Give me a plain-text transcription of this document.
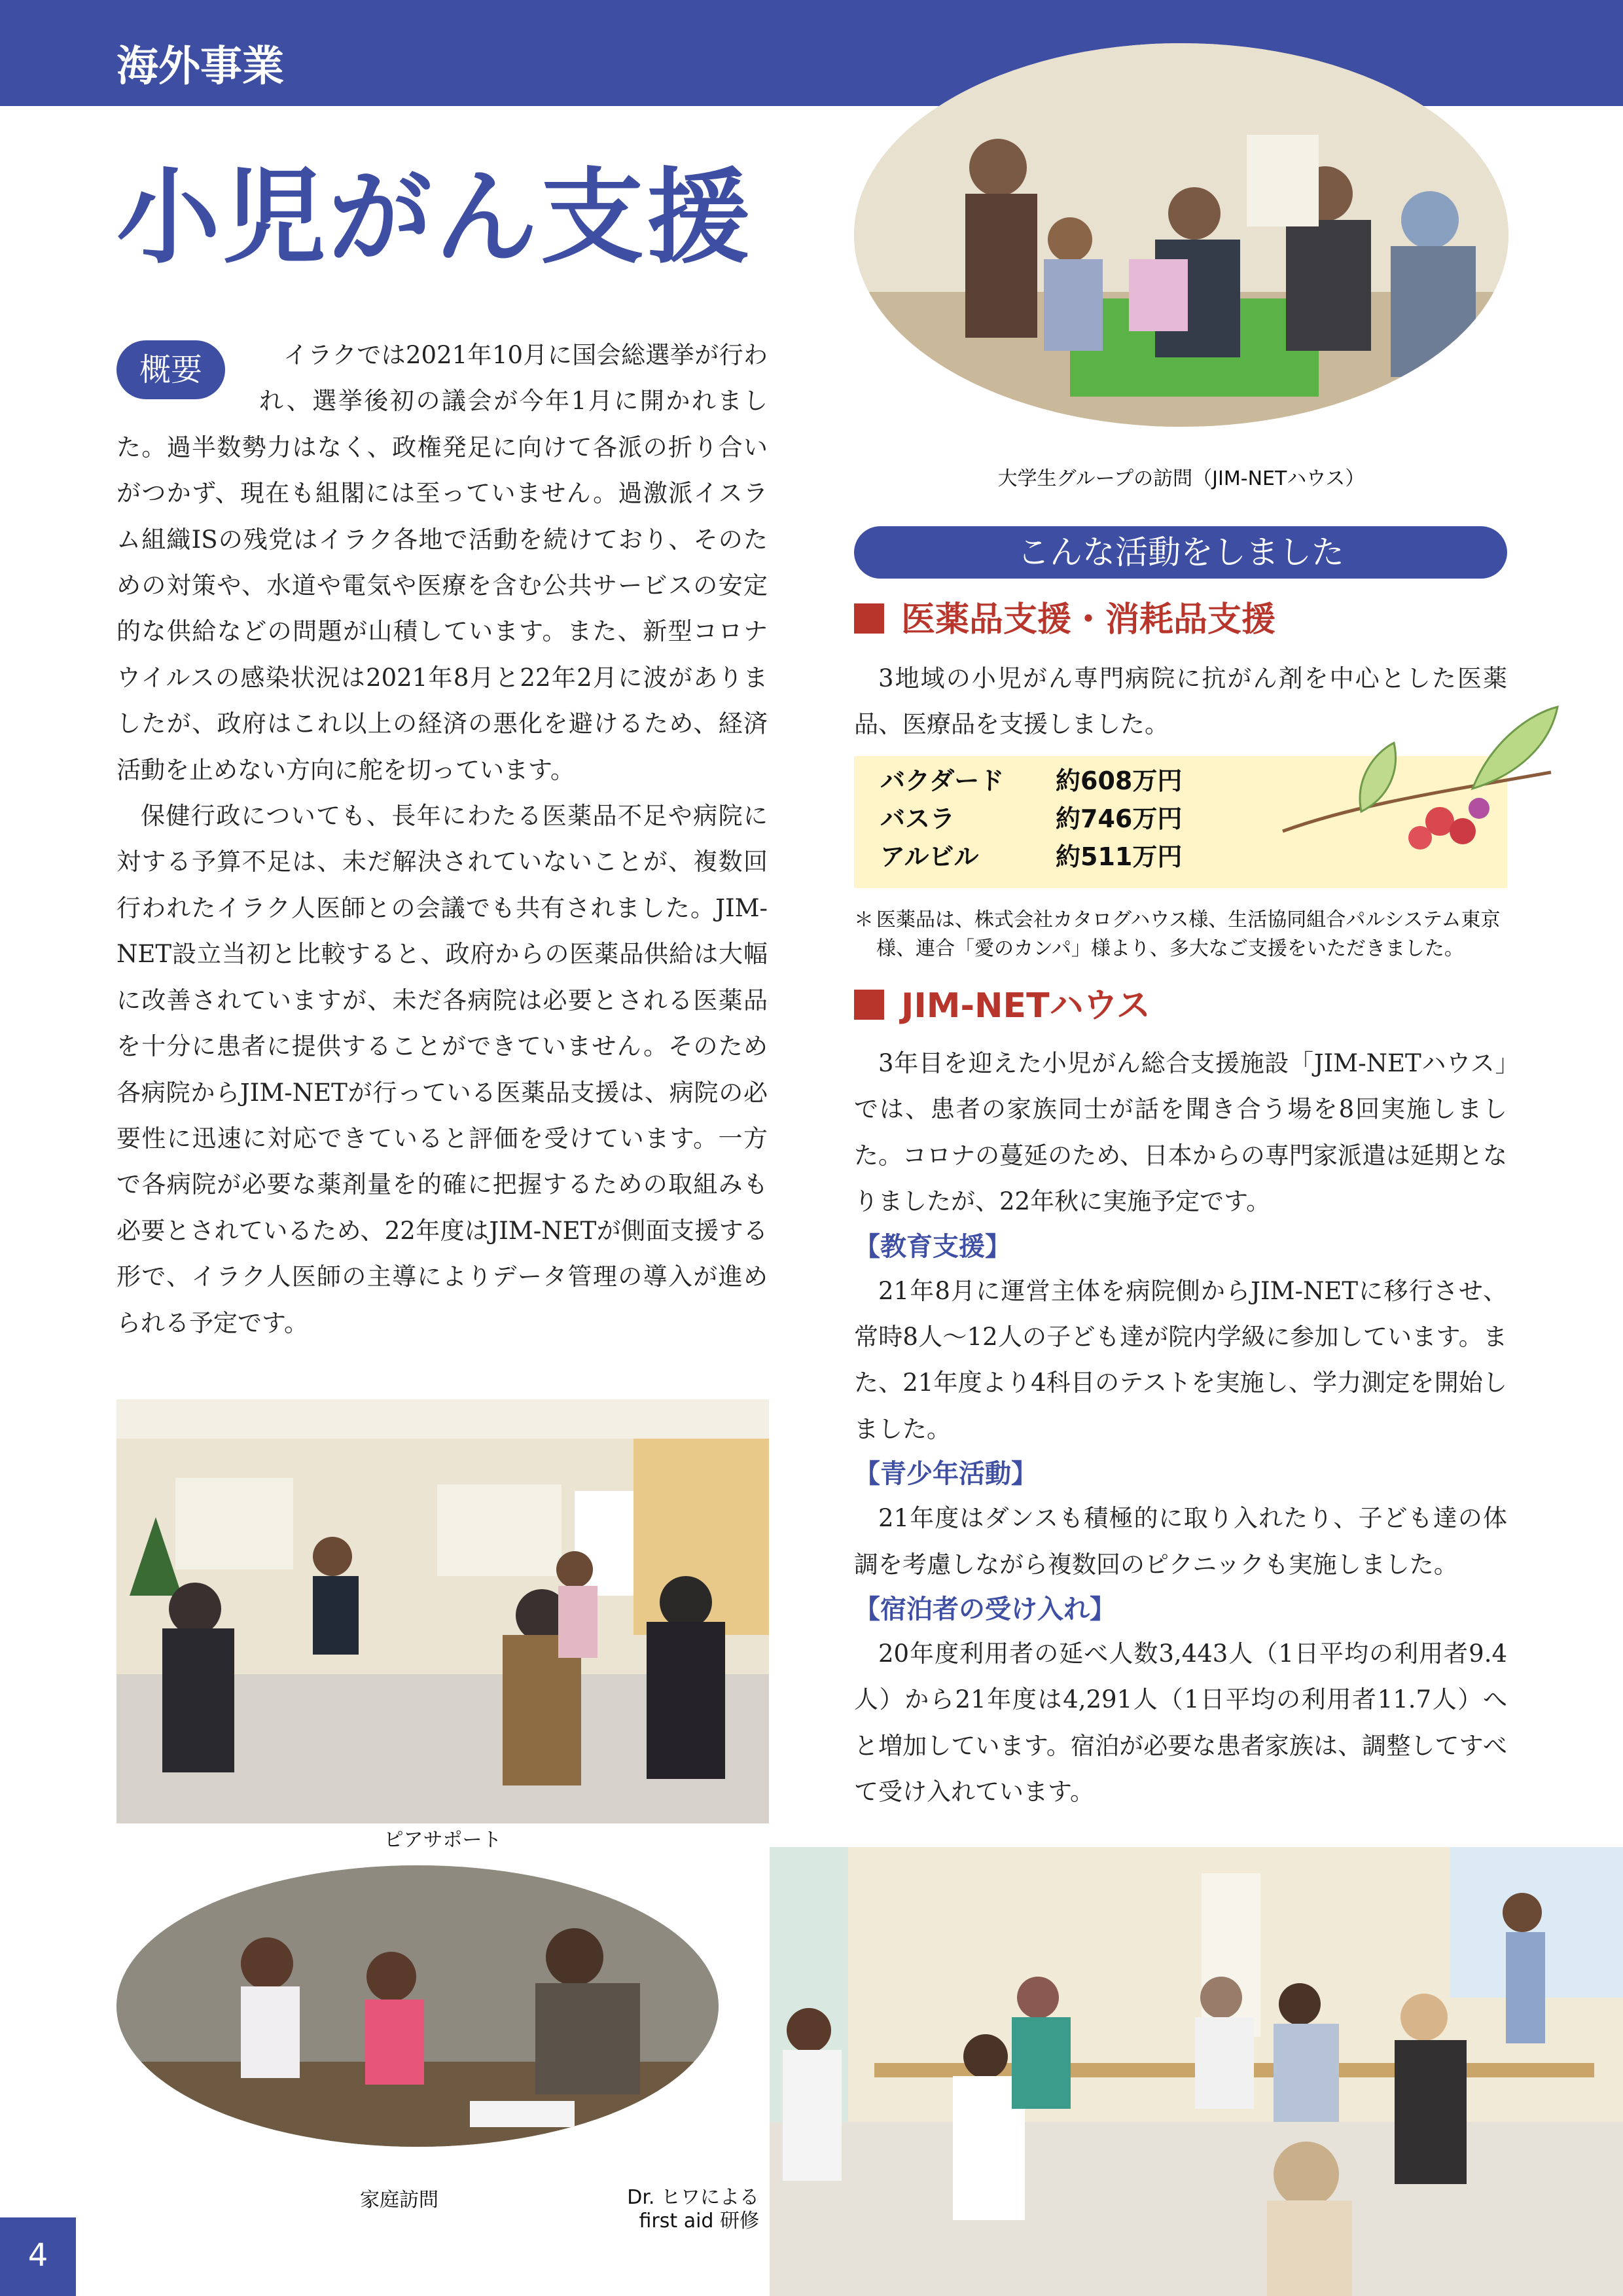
海外事業
小児がん支援

イラクでは2021年10月に国会総選挙が行われ、選挙後初の議会が今年1月に開かれました。過半数勢力はなく、政権発足に向けて各派の折り合いがつかず、現在も組閣には至っていません。過激派イスラム組織ISの残党はイラク各地で活動を続けており、そのための対策や、水道や電気や医療を含む公共サービスの安定的な供給などの問題が山積しています。また、新型コロナウイルスの感染状況は2021年8月と22年2月に波がありましたが、政府はこれ以上の経済の悪化を避けるため、経済活動を止めない方向に舵を切っています。

保健行政についても、長年にわたる医薬品不足や病院に対する予算不足は、未だ解決されていないことが、複数回行われたイラク人医師との会議でも共有されました。JIM-NET設立当初と比較すると、政府からの医薬品供給は大幅に改善されていますが、未だ各病院は必要とされる医薬品を十分に患者に提供することができていません。そのため各病院からJIM-NETが行っている医薬品支援は、病院の必要性に迅速に対応できていると評価を受けています。一方で各病院が必要な薬剤量を的確に把握するための取組みも必要とされているため、22年度はJIM-NETが側面支援する形で、イラク人医師の主導によりデータ管理の導入が進められる予定です。

概要
大学生グループの訪問（JIM-NETハウス）
こんな活動をしました
医薬品支援・消耗品支援

3地域の小児がん専門病院に抗がん剤を中心とした医薬品、医療品を支援しました。

バクダード 約608万円
バスラ	約746万円
アルビル	約511万円
＊ 医薬品は、株式会社カタログハウス様、生活協同組合パルシステム東京様、連合「愛のカンパ」様より、多大なご支援をいただきました。
JIM-NETハウス

3年目を迎えた小児がん総合支援施設「JIM-NETハウス」では、患者の家族同士が話を聞き合う場を8回実施しました。コロナの蔓延のため、日本からの専門家派遣は延期となりましたが、22年秋に実施予定です。

【教育支援】

21年8月に運営主体を病院側からJIM-NETに移行させ、常時8人～12人の子ども達が院内学級に参加しています。また、21年度より4科目のテストを実施し、学力測定を開始しました。

【青少年活動】

21年度はダンスも積極的に取り入れたり、子ども達の体調を考慮しながら複数回のピクニックも実施しました。

【宿泊者の受け入れ】

20年度利用者の延べ人数3,443人（1日平均の利用者9.4人）から21年度は4,291人（1日平均の利用者11.7人）へと増加しています。宿泊が必要な患者家族は、調整してすべて受け入れています。

ピアサポート
家庭訪問	Dr. ヒワによる
first aid 研修
4
